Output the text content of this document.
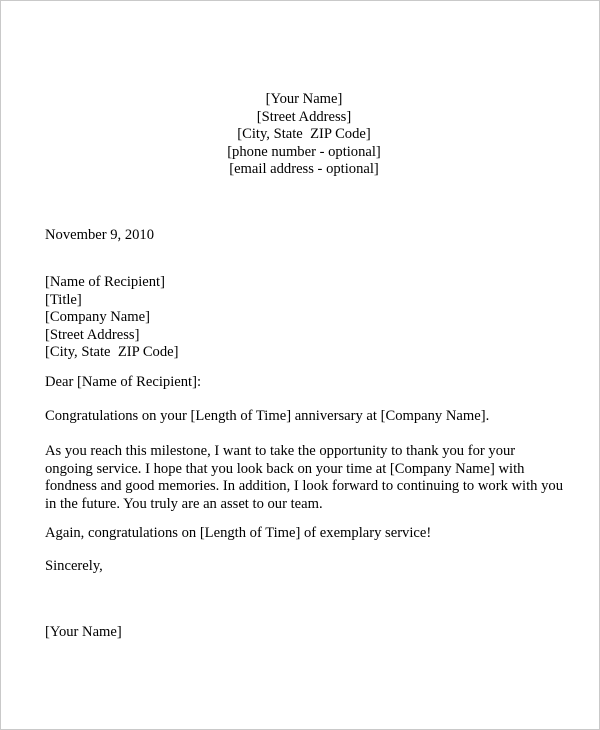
[Your Name]
[Street Address]
[City, State  ZIP Code]
[phone number - optional]
[email address - optional]
November 9, 2010
[Name of Recipient]
[Title]
[Company Name]
[Street Address]
[City, State  ZIP Code]
Dear [Name of Recipient]:

Congratulations on your [Length of Time] anniversary at [Company Name].

As you reach this milestone, I want to take the opportunity to thank you for your ongoing service. I hope that you look back on your time at [Company Name] with fondness and good memories. In addition, I look forward to continuing to work with you in the future. You truly are an asset to our team.

Again, congratulations on [Length of Time] of exemplary service!

Sincerely,
[Your Name]
